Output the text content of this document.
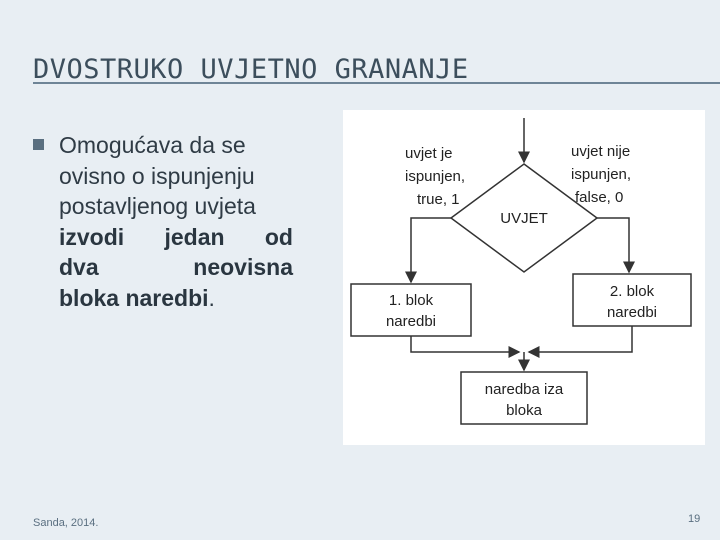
DVOSTRUKO UVJETNO GRANANJE
Omogućava da se
ovisno o ispunjenju
postavljenog uvjeta
izvodi jedan od
dva	neovisna
bloka naredbi.
UVJET
uvjet je
ispunjen,
true, 1
uvjet nije
ispunjen,
false, 0
1. blok
naredbi
2. blok
naredbi
naredba iza
bloka
Sanda, 2014.	19
